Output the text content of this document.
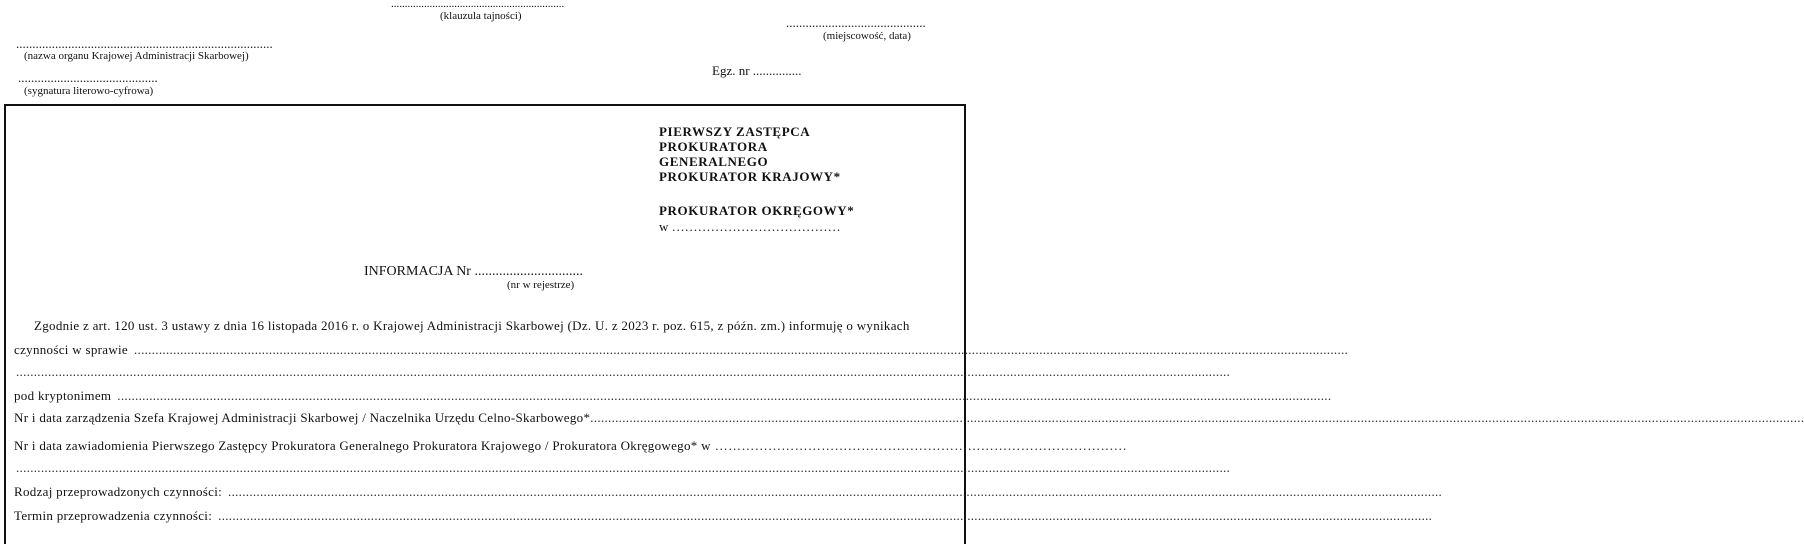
...............................................................
(klauzula tajności)	...........................................
(miejscowość, data)
...............................................................................
(nazwa organu Krajowej Administracji Skarbowej)
Egz. nr ...............
...........................................
(sygnatura literowo-cyfrowa)
PIERWSZY ZASTĘPCA
PROKURATORA
GENERALNEGO
PROKURATOR KRAJOWY*
PROKURATOR OKRĘGOWY*
w …………………………………
INFORMACJA Nr ...............................
(nr w rejestrze)
Zgodnie z art. 120 ust. 3 ustawy z dnia 16 listopada 2016 r. o Krajowej Administracji Skarbowej (Dz. U. z 2023 r. poz. 615, z późn. zm.) informuję o wynikach
czynności w sprawie ......................................................................................................................................................................................................................................................................................................................................................
......................................................................................................................................................................................................................................................................................................................................................
pod kryptonimem ......................................................................................................................................................................................................................................................................................................................................................
Nr i data zarządzenia Szefa Krajowej Administracji Skarbowej / Naczelnika Urzędu Celno-Skarbowego* ......................................................................................................................................................................................................................................................................................................................................................
Nr i data zawiadomienia Pierwszego Zastępcy Prokuratora Generalnego Prokuratora Krajowego / Prokuratora Okręgowego* w …………………………………………………………………………………
......................................................................................................................................................................................................................................................................................................................................................
Rodzaj przeprowadzonych czynności: ......................................................................................................................................................................................................................................................................................................................................................
Termin przeprowadzenia czynności: ......................................................................................................................................................................................................................................................................................................................................................
